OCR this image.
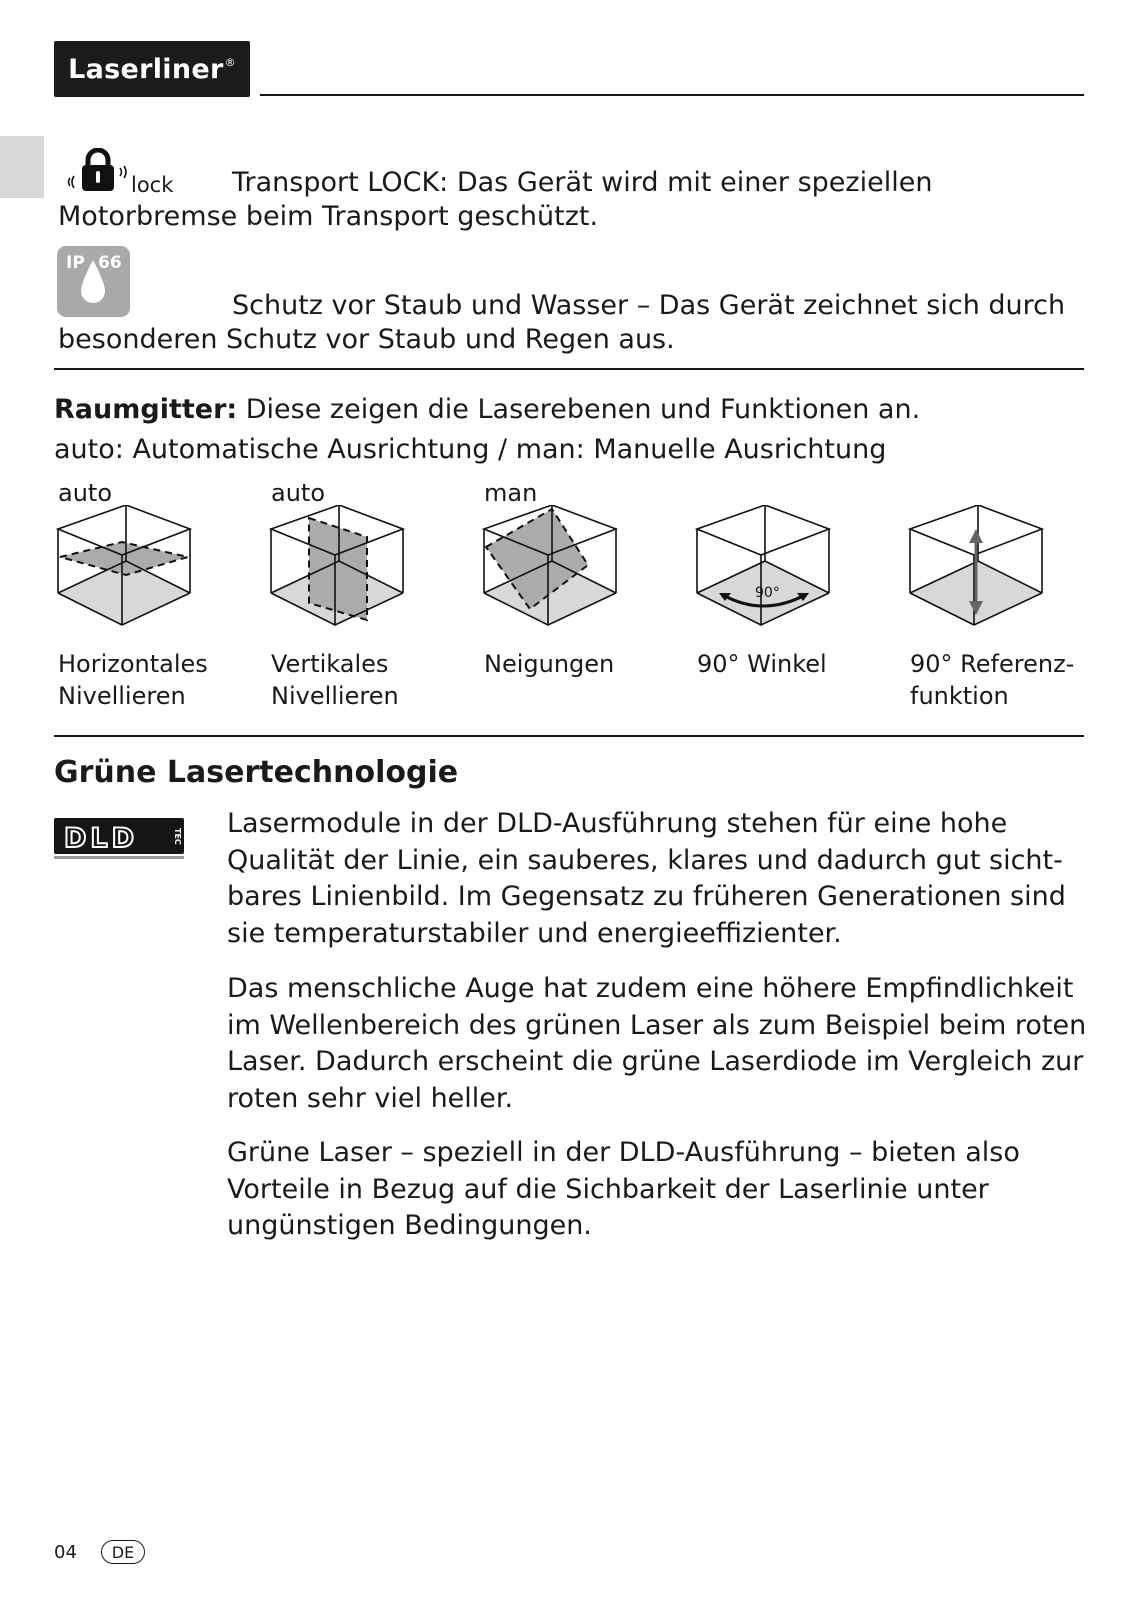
Laserliner®
lock Transport LOCK: Das Gerät wird mit einer speziellen
Motorbremse beim Transport geschützt.
IP 66
Schutz vor Staub und Wasser – Das Gerät zeichnet sich durch
besonderen Schutz vor Staub und Regen aus.
Raumgitter: Diese zeigen die Laserebenen und Funktionen an.
auto: Automatische Ausrichtung / man: Manuelle Ausrichtung
auto	auto	man
90°
Horizontales
Nivellieren
Vertikales
Nivellieren
Neigungen	90° Winkel	90° Referenz-
funktion
Grüne Lasertechnologie
DLD	TEC Lasermodule in der DLD-Ausführung stehen für eine hohe
Qualität der Linie, ein sauberes, klares und dadurch gut sicht-
bares Linienbild. Im Gegensatz zu früheren Generationen sind
sie temperaturstabiler und energieeffizienter.
Das menschliche Auge hat zudem eine höhere Empfindlichkeit
im Wellenbereich des grünen Laser als zum Beispiel beim roten
Laser. Dadurch erscheint die grüne Laserdiode im Vergleich zur
roten sehr viel heller.
Grüne Laser – speziell in der DLD-Ausführung – bieten also
Vorteile in Bezug auf die Sichbarkeit der Laserlinie unter
ungünstigen Bedingungen.
04	DE
